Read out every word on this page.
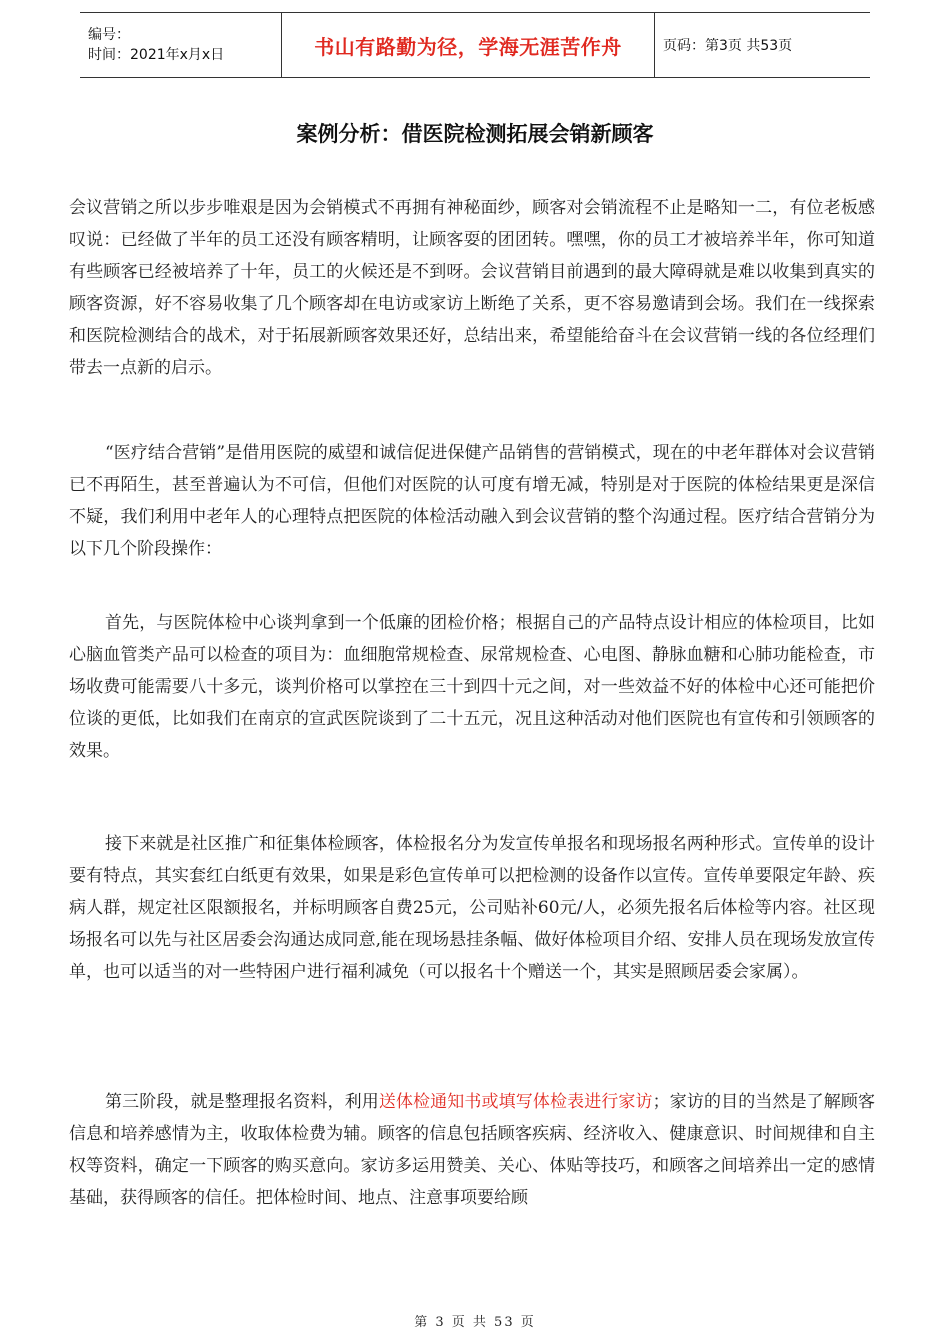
编号：
时间：2021年x月x日	书山有路勤为径，学海无涯苦作舟	页码：第3页 共53页
案例分析：借医院检测拓展会销新顾客

会议营销之所以步步唯艰是因为会销模式不再拥有神秘面纱，顾客对会销流程不止是略知一二，有位老板感叹说：已经做了半年的员工还没有顾客精明，让顾客耍的团团转。嘿嘿，你的员工才被培养半年，你可知道有些顾客已经被培养了十年，员工的火候还是不到呀。会议营销目前遇到的最大障碍就是难以收集到真实的顾客资源，好不容易收集了几个顾客却在电访或家访上断绝了关系，更不容易邀请到会场。我们在一线探索和医院检测结合的战术，对于拓展新顾客效果还好，总结出来，希望能给奋斗在会议营销一线的各位经理们带去一点新的启示。

“医疗结合营销”是借用医院的威望和诚信促进保健产品销售的营销模式，现在的中老年群体对会议营销已不再陌生，甚至普遍认为不可信，但他们对医院的认可度有增无减，特别是对于医院的体检结果更是深信不疑，我们利用中老年人的心理特点把医院的体检活动融入到会议营销的整个沟通过程。医疗结合营销分为以下几个阶段操作：

首先，与医院体检中心谈判拿到一个低廉的团检价格；根据自己的产品特点设计相应的体检项目，比如心脑血管类产品可以检查的项目为：血细胞常规检查、尿常规检查、心电图、静脉血糖和心肺功能检查，市场收费可能需要八十多元，谈判价格可以掌控在三十到四十元之间，对一些效益不好的体检中心还可能把价位谈的更低，比如我们在南京的宣武医院谈到了二十五元，况且这种活动对他们医院也有宣传和引领顾客的效果。

接下来就是社区推广和征集体检顾客，体检报名分为发宣传单报名和现场报名两种形式。宣传单的设计要有特点，其实套红白纸更有效果，如果是彩色宣传单可以把检测的设备作以宣传。宣传单要限定年龄、疾病人群，规定社区限额报名，并标明顾客自费25元，公司贴补60元/人，必须先报名后体检等内容。社区现场报名可以先与社区居委会沟通达成同意,能在现场悬挂条幅、做好体检项目介绍、安排人员在现场发放宣传单，也可以适当的对一些特困户进行福利减免（可以报名十个赠送一个，其实是照顾居委会家属）。

第三阶段，就是整理报名资料，利用送体检通知书或填写体检表进行家访；家访的目的当然是了解顾客信息和培养感情为主，收取体检费为辅。顾客的信息包括顾客疾病、经济收入、健康意识、时间规律和自主权等资料，确定一下顾客的购买意向。家访多运用赞美、关心、体贴等技巧，和顾客之间培养出一定的感情基础，获得顾客的信任。把体检时间、地点、注意事项要给顾

第 3 页 共 53 页
